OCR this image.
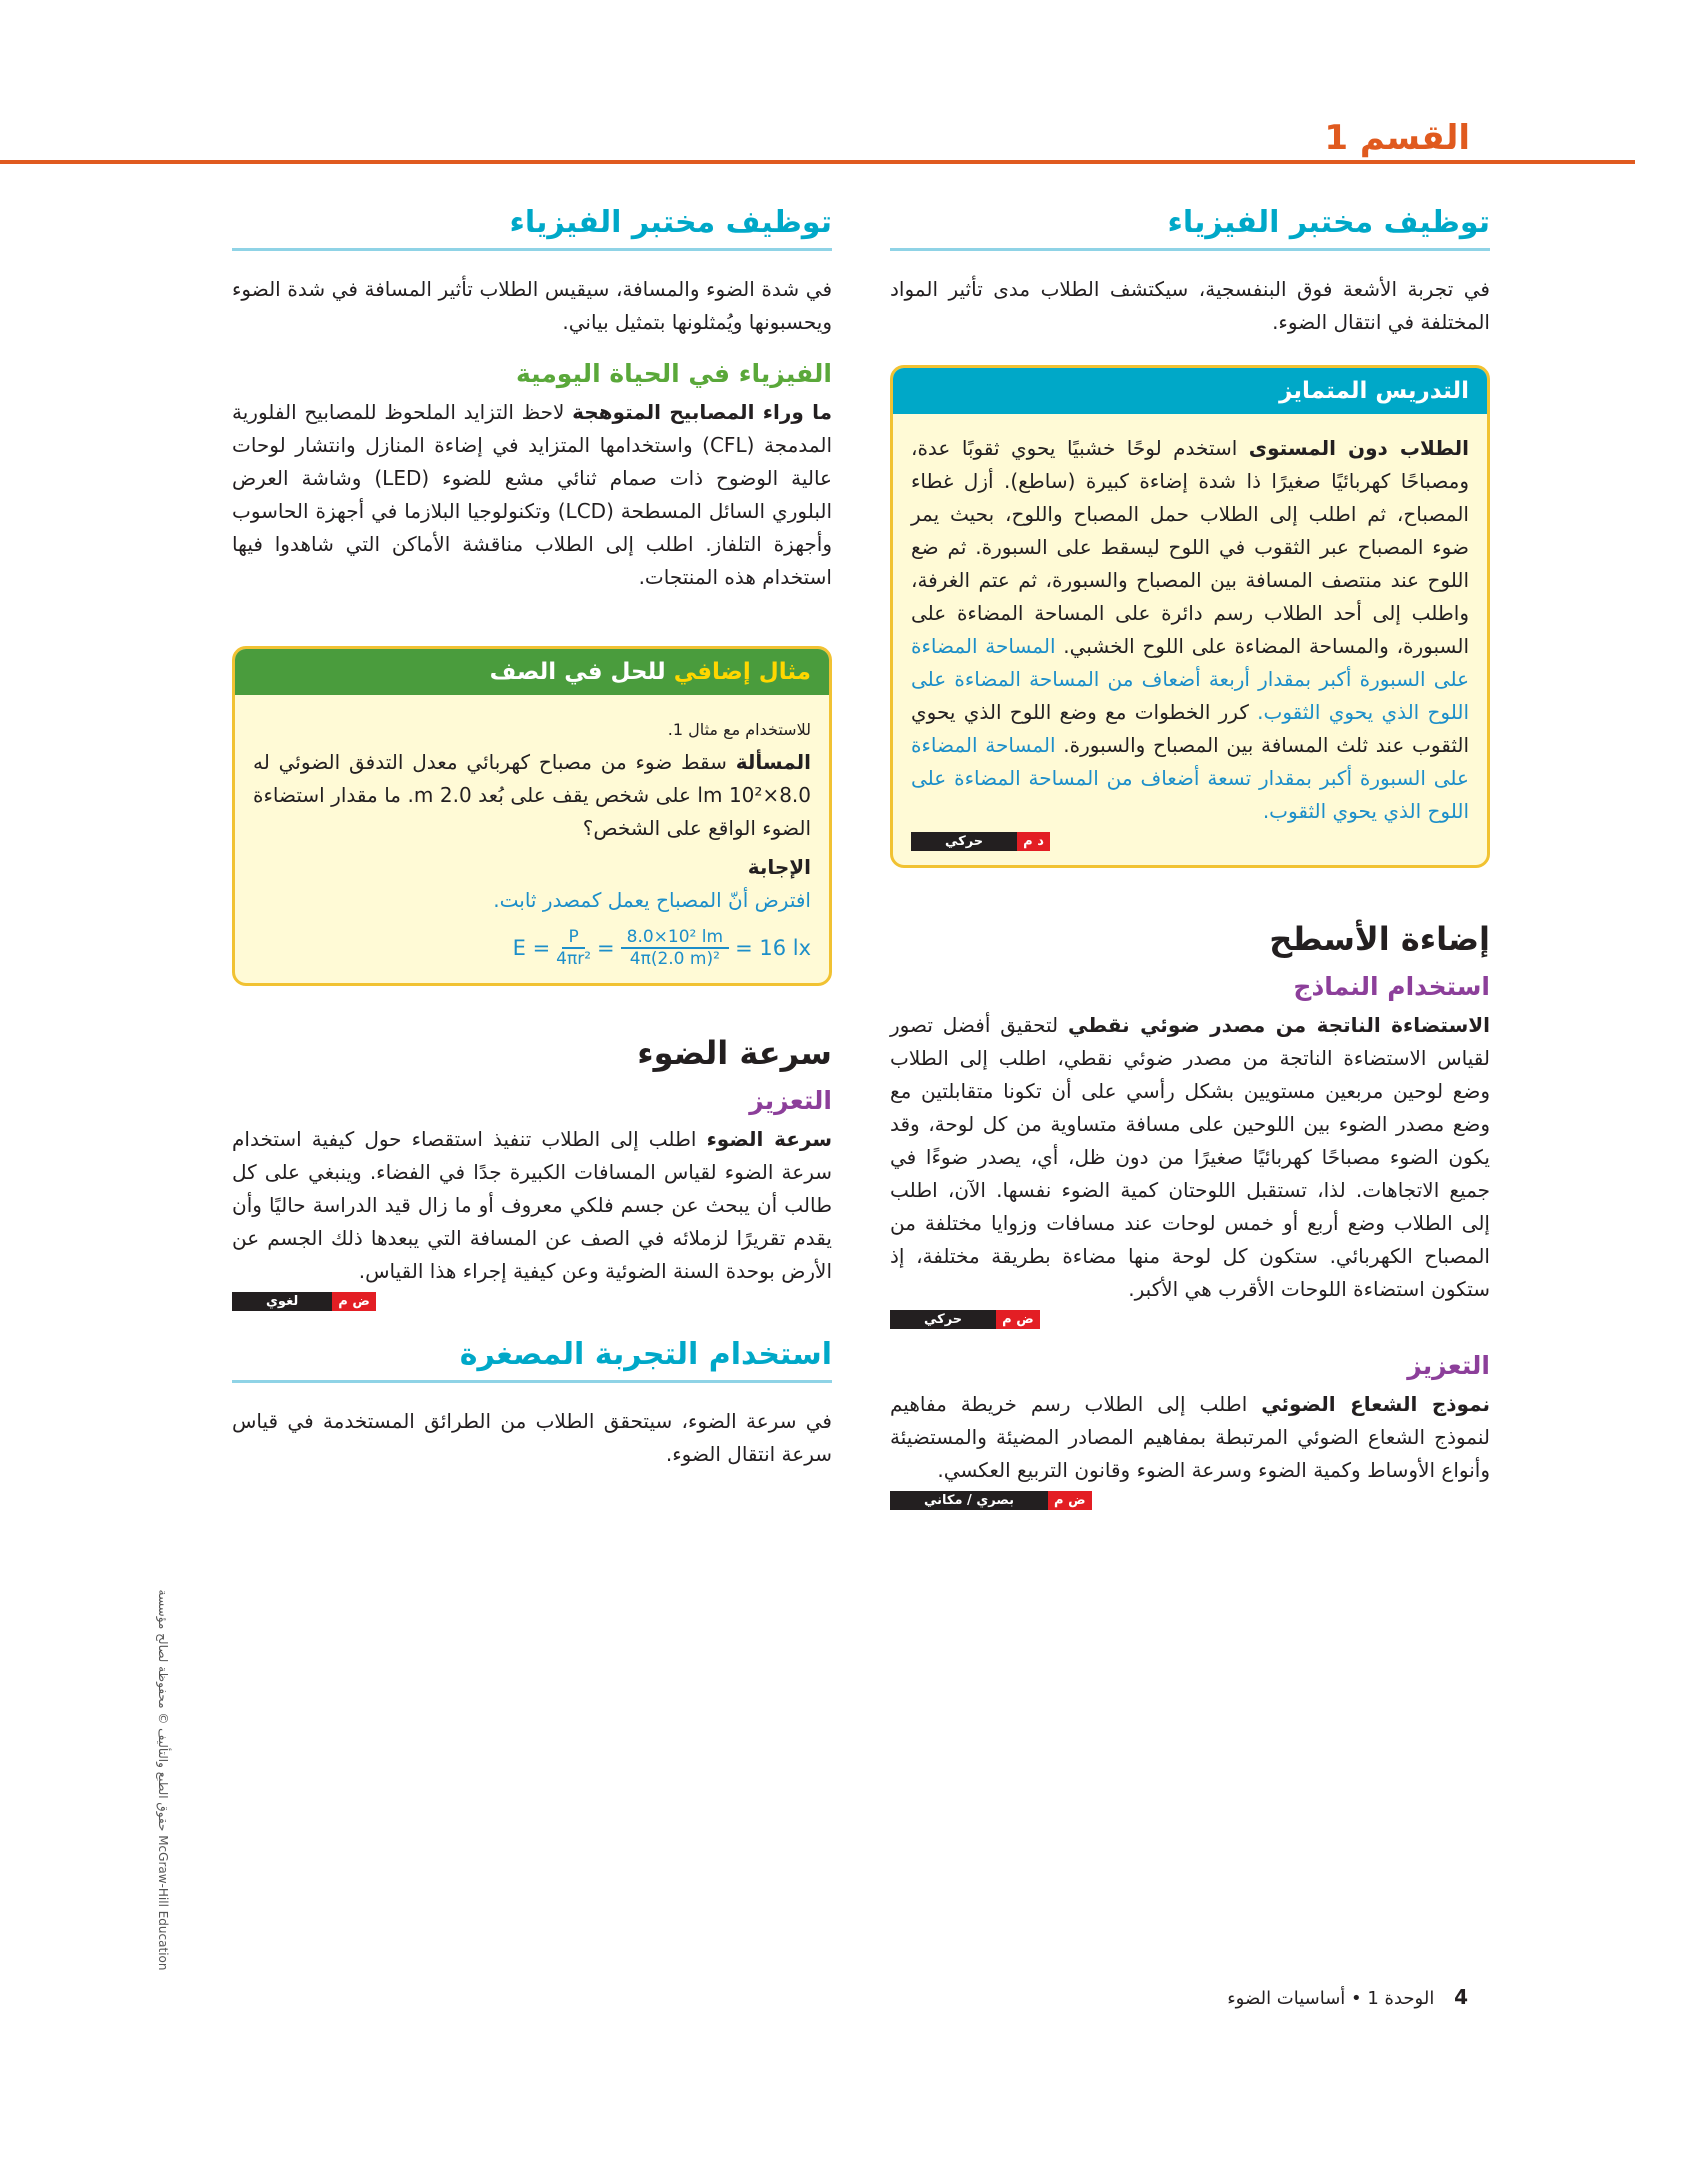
القسم 1
توظيف مختبر الفيزياء

في تجربة الأشعة فوق البنفسجية، سيكتشف الطلاب مدى تأثير المواد المختلفة في انتقال الضوء.

التدريس المتمايز

الطلاب دون المستوى استخدم لوحًا خشبيًا يحوي ثقوبًا عدة، ومصباحًا كهربائيًا صغيرًا ذا شدة إضاءة كبيرة (ساطع). أزل غطاء المصباح، ثم اطلب إلى الطلاب حمل المصباح واللوح، بحيث يمر ضوء المصباح عبر الثقوب في اللوح ليسقط على السبورة. ثم ضع اللوح عند منتصف المسافة بين المصباح والسبورة، ثم عتم الغرفة، واطلب إلى أحد الطلاب رسم دائرة على المساحة المضاءة على السبورة، والمساحة المضاءة على اللوح الخشبي. المساحة المضاءة على السبورة أكبر بمقدار أربعة أضعاف من المساحة المضاءة على اللوح الذي يحوي الثقوب. كرر الخطوات مع وضع اللوح الذي يحوي الثقوب عند ثلث المسافة بين المصباح والسبورة. المساحة المضاءة على السبورة أكبر بمقدار تسعة أضعاف من المساحة المضاءة على اللوح الذي يحوي الثقوب.

د م
حركي
إضاءة الأسطح
استخدام النماذج

الاستضاءة الناتجة من مصدر ضوئي نقطي لتحقيق أفضل تصور لقياس الاستضاءة الناتجة من مصدر ضوئي نقطي، اطلب إلى الطلاب وضع لوحين مربعين مستويين بشكل رأسي على أن تكونا متقابلتين مع وضع مصدر الضوء بين اللوحين على مسافة متساوية من كل لوحة، وقد يكون الضوء مصباحًا كهربائيًا صغيرًا من دون ظل، أي، يصدر ضوءًا في جميع الاتجاهات. لذا، تستقبل اللوحتان كمية الضوء نفسها. الآن، اطلب إلى الطلاب وضع أربع أو خمس لوحات عند مسافات وزوايا مختلفة من المصباح الكهربائي. ستكون كل لوحة منها مضاءة بطريقة مختلفة، إذ ستكون استضاءة اللوحات الأقرب هي الأكبر.

ض م
حركي
التعزيز

نموذج الشعاع الضوئي اطلب إلى الطلاب رسم خريطة مفاهيم لنموذج الشعاع الضوئي المرتبطة بمفاهيم المصادر المضيئة والمستضيئة وأنواع الأوساط وكمية الضوء وسرعة الضوء وقانون التربيع العكسي.

ض م
بصري / مكاني
توظيف مختبر الفيزياء

في شدة الضوء والمسافة، سيقيس الطلاب تأثير المسافة في شدة الضوء ويحسبونها ويُمثلونها بتمثيل بياني.

الفيزياء في الحياة اليومية

ما وراء المصابيح المتوهجة لاحظ التزايد الملحوظ للمصابيح الفلورية المدمجة (CFL) واستخدامها المتزايد في إضاءة المنازل وانتشار لوحات عالية الوضوح ذات صمام ثنائي مشع للضوء (LED) وشاشة العرض البلوري السائل المسطحة (LCD) وتكنولوجيا البلازما في أجهزة الحاسوب وأجهزة التلفاز. اطلب إلى الطلاب مناقشة الأماكن التي شاهدوا فيها استخدام هذه المنتجات.

مثال إضافي للحل في الصف

للاستخدام مع مثال 1.

المسألة سقط ضوء من مصباح كهربائي معدل التدفق الضوئي له 8.0×10² lm على شخص يقف على بُعد 2.0 m. ما مقدار استضاءة الضوء الواقع على الشخص؟

الإجابة

افترض أنّ المصباح يعمل كمصدر ثابت.

$E = \frac{P}{\text{4πr²}} = \frac{\text{8.0×10² lm}}{\text{4π(2.0 m)²}} = 16$ lx
سرعة الضوء
التعزيز

سرعة الضوء اطلب إلى الطلاب تنفيذ استقصاء حول كيفية استخدام سرعة الضوء لقياس المسافات الكبيرة جدًا في الفضاء. وينبغي على كل طالب أن يبحث عن جسم فلكي معروف أو ما زال قيد الدراسة حاليًا وأن يقدم تقريرًا لزملائه في الصف عن المسافة التي يبعدها ذلك الجسم عن الأرض بوحدة السنة الضوئية وعن كيفية إجراء هذا القياس.

ض م
لغوي
استخدام التجربة المصغرة

في سرعة الضوء، سيتحقق الطلاب من الطرائق المستخدمة في قياس سرعة انتقال الضوء.

حقوق الطبع والتأليف © محفوظة لصالح مؤسسة McGraw-Hill Education
4 الوحدة 1 • أساسيات الضوء
